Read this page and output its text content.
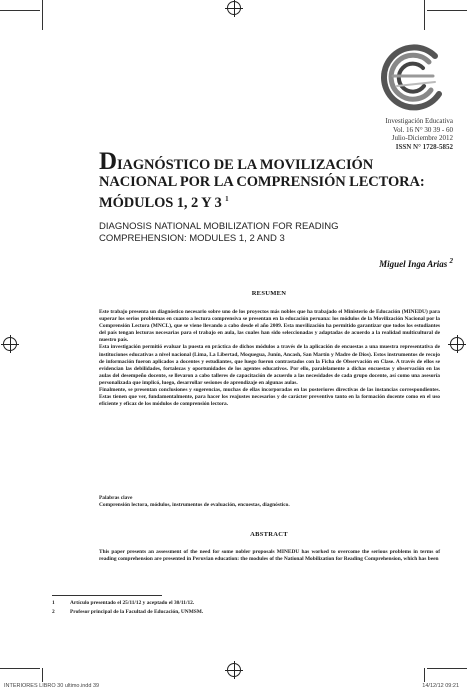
Investigación Educativa
Vol. 16 N° 30 39 - 60
Julio-Diciembre 2012
ISSN N° 1728-5852
DIAGNÓSTICO DE LA MOVILIZACIÓN
NACIONAL POR LA COMPRENSIÓN LECTORA:
MÓDULOS 1, 2 Y 3 $^1$
DIAGNOSIS NATIONAL MOBILIZATION FOR READING
COMPREHENSION: MODULES 1, 2 AND 3
Miguel Inga Arias $^2$
RESUMEN

Este trabajo presenta un diagnóstico necesario sobre uno de los proyectos más nobles que ha trabajado el Ministerio de Educación (MINEDU) para superar los serios problemas en cuanto a lectura comprensiva se presentan en la educación peruana: los módulos de la Movilización Nacional por la Comprensión Lectora (MNCL), que se viene llevando a cabo desde el año 2009. Esta movilización ha permitido garantizar que todos los estudiantes del país tengan lecturas necesarias para el trabajo en aula, las cuales han sido seleccionadas y adaptadas de acuerdo a la realidad multicultural de nuestro país.

Esta investigación permitió evaluar la puesta en práctica de dichos módulos a través de la aplicación de encuestas a una muestra representativa de instituciones educativas a nivel nacional (Lima, La Libertad, Moquegua, Junín, Ancash, San Martín y Madre de Dios). Estos instrumentos de recojo de información fueron aplicados a docentes y estudiantes, que luego fueron contrastados con la Ficha de Observación en Clase. A través de ellos se evidencian las debilidades, fortalezas y oportunidades de los agentes educativos. Por ello, paralelamente a dichas encuestas y observación en las aulas del desempeño docente, se llevaron a cabo talleres de capacitación de acuerdo a las necesidades de cada grupo docente, así como una asesoría personalizada que implicó, luego, desarrollar sesiones de aprendizaje en algunas aulas.

Finalmente, se presentan conclusiones y sugerencias, muchas de ellas incorporadas en las posteriores directivas de las instancias correspondientes. Estas tienen que ver, fundamentalmente, para hacer los reajustes necesarios y de carácter preventivo tanto en la formación docente como en el uso eficiente y eficaz de los módulos de comprensión lectora.

Palabras clave
Comprensión lectora, módulos, instrumentos de evaluación, encuestas, diagnóstico.
ABSTRACT

This paper presents an assessment of the need for some nobler proposals MINEDU has worked to overcome the serious problems in terms of reading comprehension are presented in Peruvian education: the modules of the National Mobilization for Reading Comprehension, which has been

1	Artículo presentado el 25/11/12 y aceptado el 30/11/12.
2	Profesor principal de la Facultad de Educación, UNMSM.
INTERIORES LIBRO 30 ultimo.indd 39	14/12/12 09:21
